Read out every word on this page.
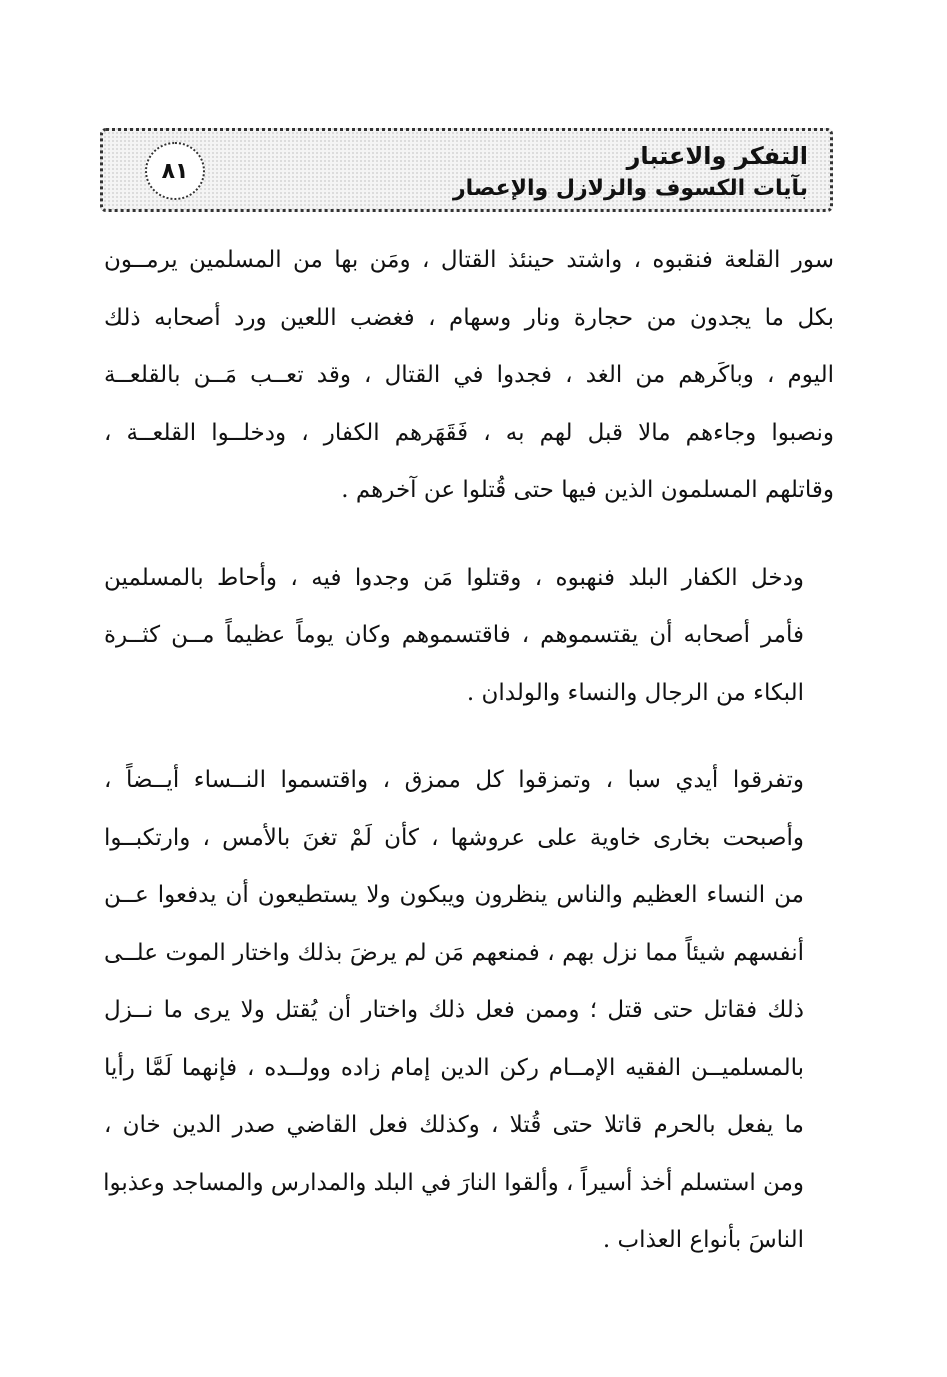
التفكر والاعتبار
بآيات الكسوف والزلازل والإعصار
٨١
سور القلعة فنقبوه ، واشتد حينئذ القتال ، ومَن بها من المسلمين يرمــون
بكل ما يجدون من حجارة ونار وسهام ، فغضب اللعين ورد أصحابه ذلك
اليوم ، وباكَرهم من الغد ، فجدوا في القتال ، وقد تعــب مَــن بالقلعــة
ونصبوا وجاءهم مالا قبل لهم به ، فَقَهَرهم الكفار ، ودخلــوا القلعــة ،
وقاتلهم المسلمون الذين فيها حتى قُتلوا عن آخرهم .
ودخل الكفار البلد فنهبوه ، وقتلوا مَن وجدوا فيه ، وأحاط بالمسلمين
فأمر أصحابه أن يقتسموهم ، فاقتسموهم وكان يوماً عظيماً مــن كثــرة
البكاء من الرجال والنساء والولدان .
وتفرقوا أيدي سبا ، وتمزقوا كل ممزق ، واقتسموا النــساء أيــضاً ،
وأصبحت بخارى خاوية على عروشها ، كأن لَمْ تغنَ بالأمس ، وارتكبــوا
من النساء العظيم والناس ينظرون ويبكون ولا يستطيعون أن يدفعوا عــن
أنفسهم شيئاً مما نزل بهم ، فمنعهم مَن لم يرضَ بذلك واختار الموت علــى
ذلك فقاتل حتى قتل ؛ وممن فعل ذلك واختار أن يُقتل ولا يرى ما نــزل
بالمسلميــن الفقيه الإمــام ركن الدين إمام زاده وولــده ، فإنهما لَمَّا رأيا
ما يفعل بالحرم قاتلا حتى قُتلا ، وكذلك فعل القاضي صدر الدين خان ،
ومن استسلم أخذ أسيراً ، وألقوا النارَ في البلد والمدارس والمساجد وعذبوا
الناسَ بأنواع العذاب .
